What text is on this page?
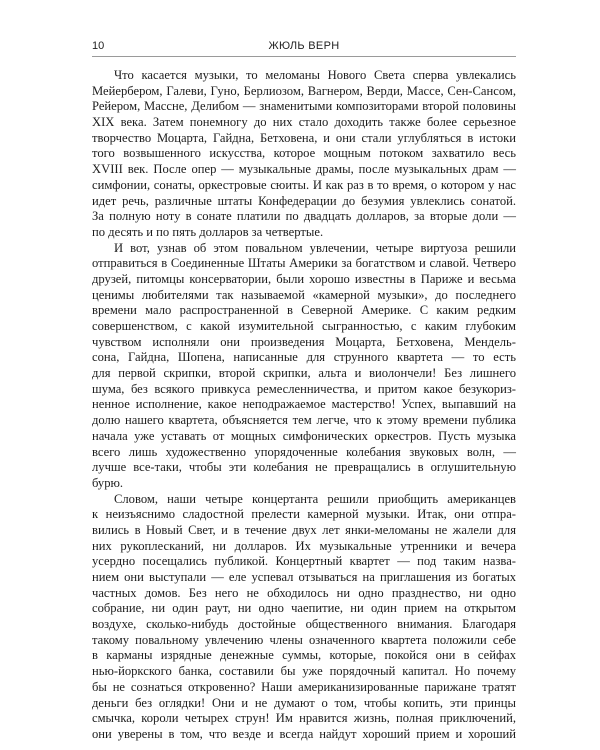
10	ЖЮЛЬ ВЕРН
Что касается музыки, то меломаны Нового Света сперва увлекались
Мейербером, Галеви, Гуно, Берлиозом, Вагнером, Верди, Массе, Сен-Сансом,
Рейером, Массне, Делибом — знаменитыми композиторами второй половины
XIX века. Затем понемногу до них стало доходить также более серьезное
творчество Моцарта, Гайдна, Бетховена, и они стали углубляться в истоки
того возвышенного искусства, которое мощным потоком захватило весь
XVIII век. После опер — музыкальные драмы, после музыкальных драм —
симфонии, сонаты, оркестровые сюиты. И как раз в то время, о котором у нас
идет речь, различные штаты Конфедерации до безумия увлеклись сонатой.
За полную ноту в сонате платили по двадцать долларов, за вторые доли —
по десять и по пять долларов за четвертые.
И вот, узнав об этом повальном увлечении, четыре виртуоза решили
отправиться в Соединенные Штаты Америки за богатством и славой. Четверо
друзей, питомцы консерватории, были хорошо известны в Париже и весьма
ценимы любителями так называемой «камерной музыки», до последнего
времени мало распространенной в Северной Америке. С каким редким
совершенством, с какой изумительной сыгранностью, с каким глубоким
чувством исполняли они произведения Моцарта, Бетховена, Мендель-
сона, Гайдна, Шопена, написанные для струнного квартета — то есть
для первой скрипки, второй скрипки, альта и виолончели! Без лишнего
шума, без всякого привкуса ремесленничества, и притом какое безукориз-
ненное исполнение, какое неподражаемое мастерство! Успех, выпавший на
долю нашего квартета, объясняется тем легче, что к этому времени публика
начала уже уставать от мощных симфонических оркестров. Пусть музыка
всего лишь художественно упорядоченные колебания звуковых волн, —
лучше все-таки, чтобы эти колебания не превращались в оглушительную
бурю.
Словом, наши четыре концертанта решили приобщить американцев
к неизъяснимо сладостной прелести камерной музыки. Итак, они отпра-
вились в Новый Свет, и в течение двух лет янки-меломаны не жалели для
них рукоплесканий, ни долларов. Их музыкальные утренники и вечера
усердно посещались публикой. Концертный квартет — под таким назва-
нием они выступали — еле успевал отзываться на приглашения из богатых
частных домов. Без него не обходилось ни одно празднество, ни одно
собрание, ни один раут, ни одно чаепитие, ни один прием на открытом
воздухе, сколько-нибудь достойные общественного внимания. Благодаря
такому повальному увлечению члены означенного квартета положили себе
в карманы изрядные денежные суммы, которые, покойся они в сейфах
нью-йоркского банка, составили бы уже порядочный капитал. Но почему
бы не сознаться откровенно? Наши американизированные парижане тратят
деньги без оглядки! Они и не думают о том, чтобы копить, эти принцы
смычка, короли четырех струн! Им нравится жизнь, полная приключений,
они уверены в том, что везде и всегда найдут хороший прием и хороший
